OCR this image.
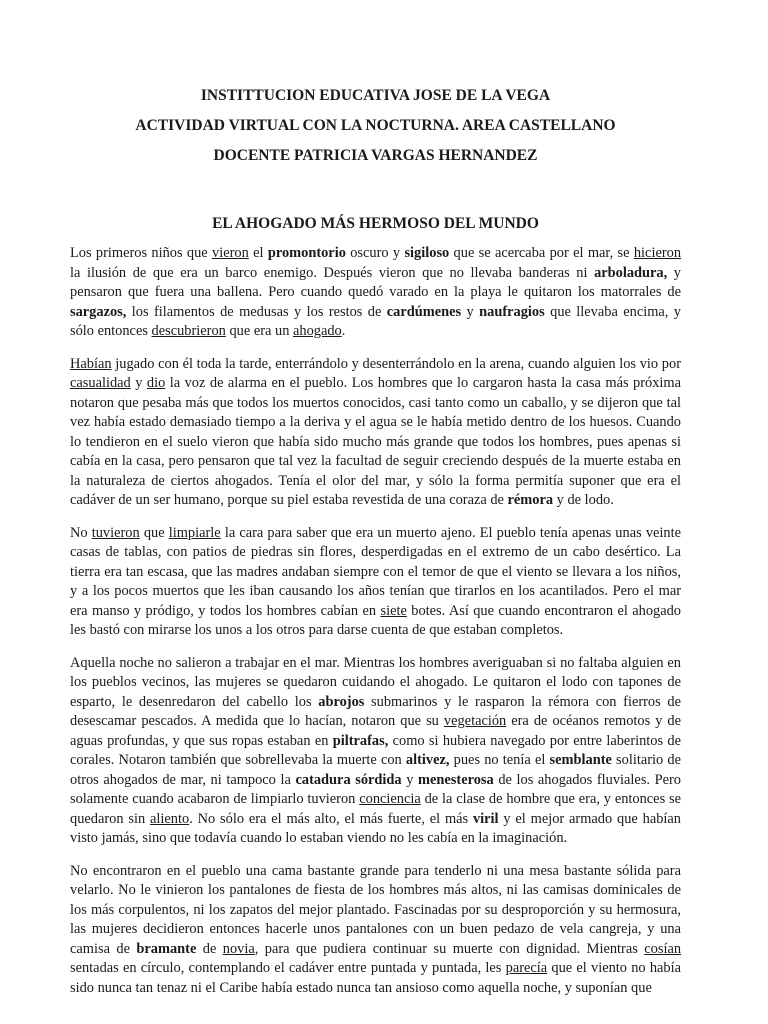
INSTITTUCION EDUCATIVA JOSE DE LA VEGA

ACTIVIDAD VIRTUAL CON LA NOCTURNA. AREA CASTELLANO

DOCENTE PATRICIA VARGAS HERNANDEZ

EL AHOGADO MÁS HERMOSO DEL MUNDO

Los primeros niños que vieron el promontorio oscuro y sigiloso que se acercaba por el mar, se hicieron la ilusión de que era un barco enemigo. Después vieron que no llevaba banderas ni arboladura, y pensaron que fuera una ballena. Pero cuando quedó varado en la playa le quitaron los matorrales de sargazos, los filamentos de medusas y los restos de cardúmenes y naufragios que llevaba encima, y sólo entonces descubrieron que era un ahogado.

Habían jugado con él toda la tarde, enterrándolo y desenterrándolo en la arena, cuando alguien los vio por casualidad y dio la voz de alarma en el pueblo. Los hombres que lo cargaron hasta la casa más próxima notaron que pesaba más que todos los muertos conocidos, casi tanto como un caballo, y se dijeron que tal vez había estado demasiado tiempo a la deriva y el agua se le había metido dentro de los huesos. Cuando lo tendieron en el suelo vieron que había sido mucho más grande que todos los hombres, pues apenas si cabía en la casa, pero pensaron que tal vez la facultad de seguir creciendo después de la muerte estaba en la naturaleza de ciertos ahogados. Tenía el olor del mar, y sólo la forma permitía suponer que era el cadáver de un ser humano, porque su piel estaba revestida de una coraza de rémora y de lodo.

No tuvieron que limpiarle la cara para saber que era un muerto ajeno. El pueblo tenía apenas unas veinte casas de tablas, con patios de piedras sin flores, desperdigadas en el extremo de un cabo desértico. La tierra era tan escasa, que las madres andaban siempre con el temor de que el viento se llevara a los niños, y a los pocos muertos que les iban causando los años tenían que tirarlos en los acantilados. Pero el mar era manso y pródigo, y todos los hombres cabían en siete botes. Así que cuando encontraron el ahogado les bastó con mirarse los unos a los otros para darse cuenta de que estaban completos.

Aquella noche no salieron a trabajar en el mar. Mientras los hombres averiguaban si no faltaba alguien en los pueblos vecinos, las mujeres se quedaron cuidando el ahogado. Le quitaron el lodo con tapones de esparto, le desenredaron del cabello los abrojos submarinos y le rasparon la rémora con fierros de desescamar pescados. A medida que lo hacían, notaron que su vegetación era de océanos remotos y de aguas profundas, y que sus ropas estaban en piltrafas, como si hubiera navegado por entre laberintos de corales. Notaron también que sobrellevaba la muerte con altivez, pues no tenía el semblante solitario de otros ahogados de mar, ni tampoco la catadura sórdida y menesterosa de los ahogados fluviales. Pero solamente cuando acabaron de limpiarlo tuvieron conciencia de la clase de hombre que era, y entonces se quedaron sin aliento. No sólo era el más alto, el más fuerte, el más viril y el mejor armado que habían visto jamás, sino que todavía cuando lo estaban viendo no les cabía en la imaginación.

No encontraron en el pueblo una cama bastante grande para tenderlo ni una mesa bastante sólida para velarlo. No le vinieron los pantalones de fiesta de los hombres más altos, ni las camisas dominicales de los más corpulentos, ni los zapatos del mejor plantado. Fascinadas por su desproporción y su hermosura, las mujeres decidieron entonces hacerle unos pantalones con un buen pedazo de vela cangreja, y una camisa de bramante de novia, para que pudiera continuar su muerte con dignidad. Mientras cosían sentadas en círculo, contemplando el cadáver entre puntada y puntada, les parecía que el viento no había sido nunca tan tenaz ni el Caribe había estado nunca tan ansioso como aquella noche, y suponían que
